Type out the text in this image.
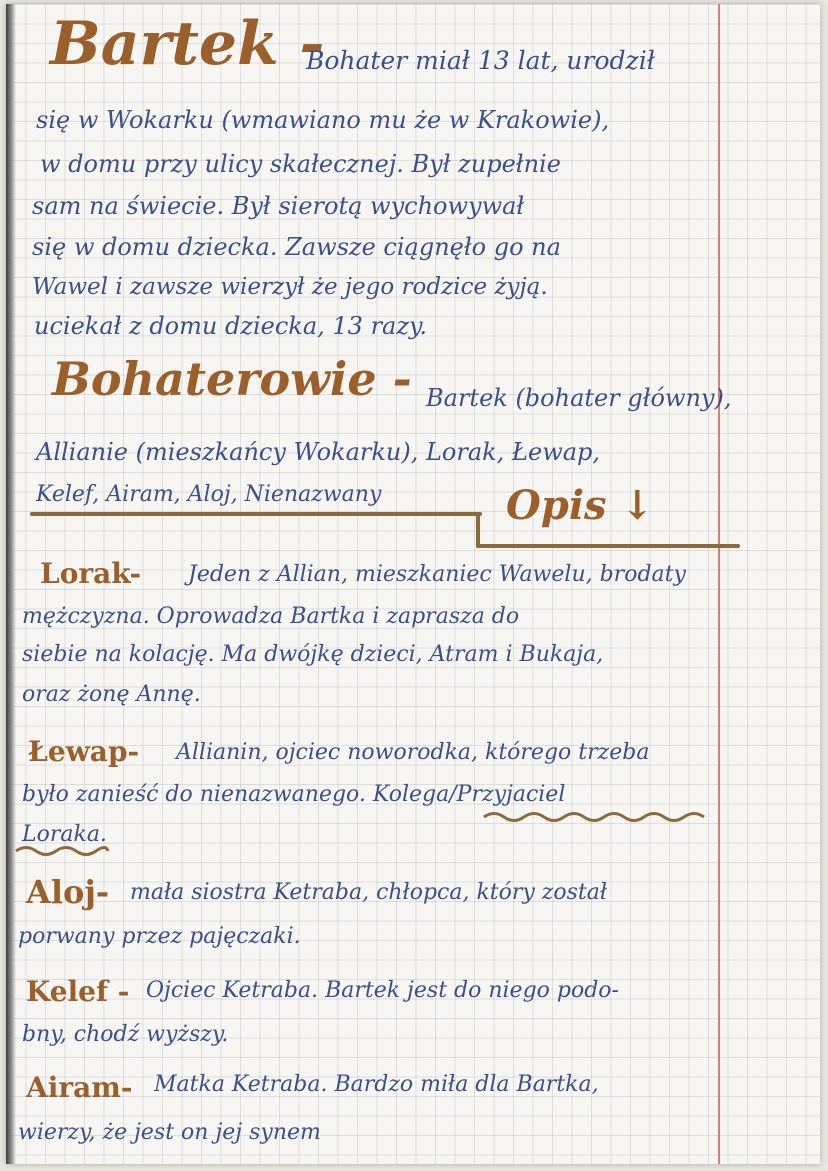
Bartek -
Bohater miał 13 lat, urodził
się w Wokarku (wmawiano mu że w Krakowie),
w domu przy ulicy skałecznej. Był zupełnie
sam na świecie. Był sierotą wychowywał
się w domu dziecka. Zawsze ciągnęło go na
Wawel i zawsze wierzył że jego rodzice żyją.
uciekał z domu dziecka, 13 razy.
Bohaterowie - Bartek (bohater główny),
Allianie (mieszkańcy Wokarku), Lorak, Łewap,
Kelef, Airam, Aloj, Nienazwany	Opis ↓
Lorak- Jeden z Allian, mieszkaniec Wawelu, brodaty
mężczyzna. Oprowadza Bartka i zaprasza do
siebie na kolację. Ma dwójkę dzieci, Atram i Bukaja,
oraz żonę Annę.
Łewap- Allianin, ojciec noworodka, którego trzeba
było zanieść do nienazwanego. Kolega/Przyjaciel
Loraka.
Aloj- mała siostra Ketraba, chłopca, który został
porwany przez pajęczaki.
Kelef - Ojciec Ketraba. Bartek jest do niego podo-
bny, chodź wyższy.
Airam- Matka Ketraba. Bardzo miła dla Bartka,
wierzy, że jest on jej synem
